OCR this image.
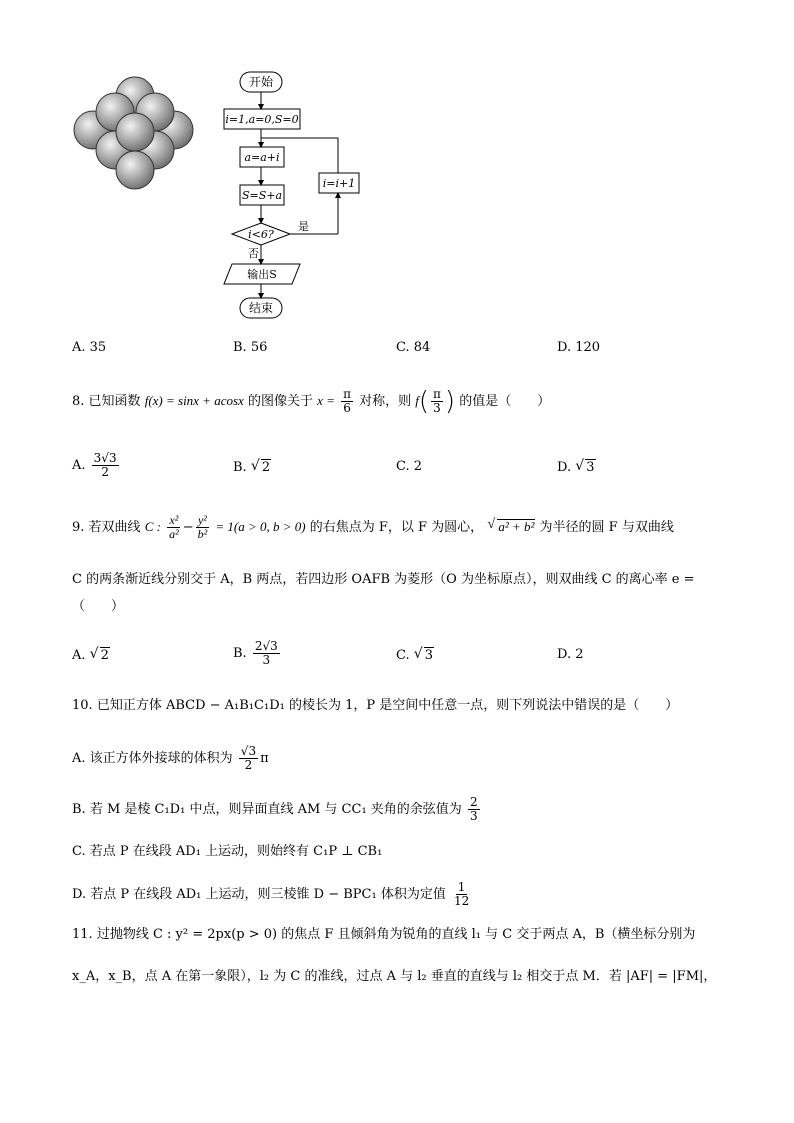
开始
i=1,a=0,S=0
a=a+i
S=S+a
i=i+1
i<6?
是
否
输出S
结束
A. 35	B. 56	C. 84	D. 120
8. 已知函数 f(x) = sinx + acosx 的图像关于 $x = \frac{\pi}{6}$ 对称，则 $f( \frac{\pi}{3}$ ) 的值是（　　）
A. $\frac{3√3}{2}$	B. √ 2	C. 2	D. √ 3
9. 若双曲线 C : $\frac{\text{x²}}{\text{a²}} - \frac{\text{y²}}{\text{b²}} = 1(a > 0$, b > 0) 的右焦点为 F，以 F 为圆心， √ a² + b² 为半径的圆 F 与双曲线
C 的两条渐近线分别交于 A，B 两点，若四边形 OAFB 为菱形（O 为坐标原点），则双曲线 C 的离心率 e =
（　　）
A. √ 2	B. $\frac{2√3}{3}$	C. √ 3	D. 2
10. 已知正方体 ABCD − A₁B₁C₁D₁ 的棱长为 1，P 是空间中任意一点，则下列说法中错误的是（　　）
A. 该正方体外接球的体积为 $\frac{√3}{2}$ π
B. 若 M 是棱 C₁D₁ 中点，则异面直线 AM 与 CC₁ 夹角的余弦值为 $\frac{2}{3}$
C. 若点 P 在线段 AD₁ 上运动，则始终有 C₁P ⊥ CB₁
D. 若点 P 在线段 AD₁ 上运动，则三棱锥 D − BPC₁ 体积为定值 $\frac{1}{12}$
11. 过抛物线 C : y² = 2px(p > 0) 的焦点 F 且倾斜角为锐角的直线 l₁ 与 C 交于两点 A，B（横坐标分别为
x_A，x_B，点 A 在第一象限），l₂ 为 C 的准线，过点 A 与 l₂ 垂直的直线与 l₂ 相交于点 M．若 |AF| = |FM|，
